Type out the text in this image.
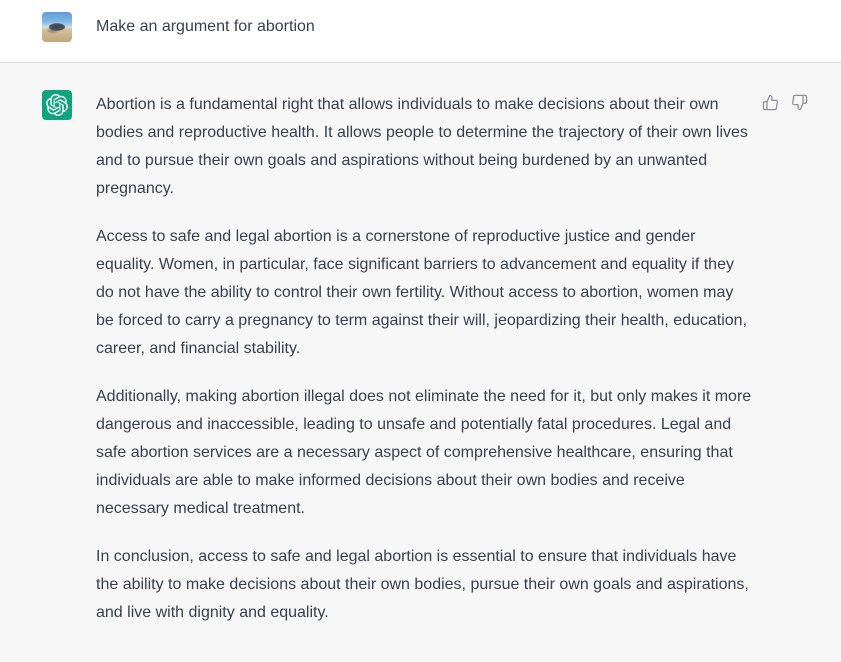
Make an argument for abortion

Abortion is a fundamental right that allows individuals to make decisions about their own bodies and reproductive health. It allows people to determine the trajectory of their own lives and to pursue their own goals and aspirations without being burdened by an unwanted pregnancy.

Access to safe and legal abortion is a cornerstone of reproductive justice and gender equality. Women, in particular, face significant barriers to advancement and equality if they do not have the ability to control their own fertility. Without access to abortion, women may be forced to carry a pregnancy to term against their will, jeopardizing their health, education, career, and financial stability.

Additionally, making abortion illegal does not eliminate the need for it, but only makes it more dangerous and inaccessible, leading to unsafe and potentially fatal procedures. Legal and safe abortion services are a necessary aspect of comprehensive healthcare, ensuring that individuals are able to make informed decisions about their own bodies and receive necessary medical treatment.

In conclusion, access to safe and legal abortion is essential to ensure that individuals have the ability to make decisions about their own bodies, pursue their own goals and aspirations, and live with dignity and equality.
